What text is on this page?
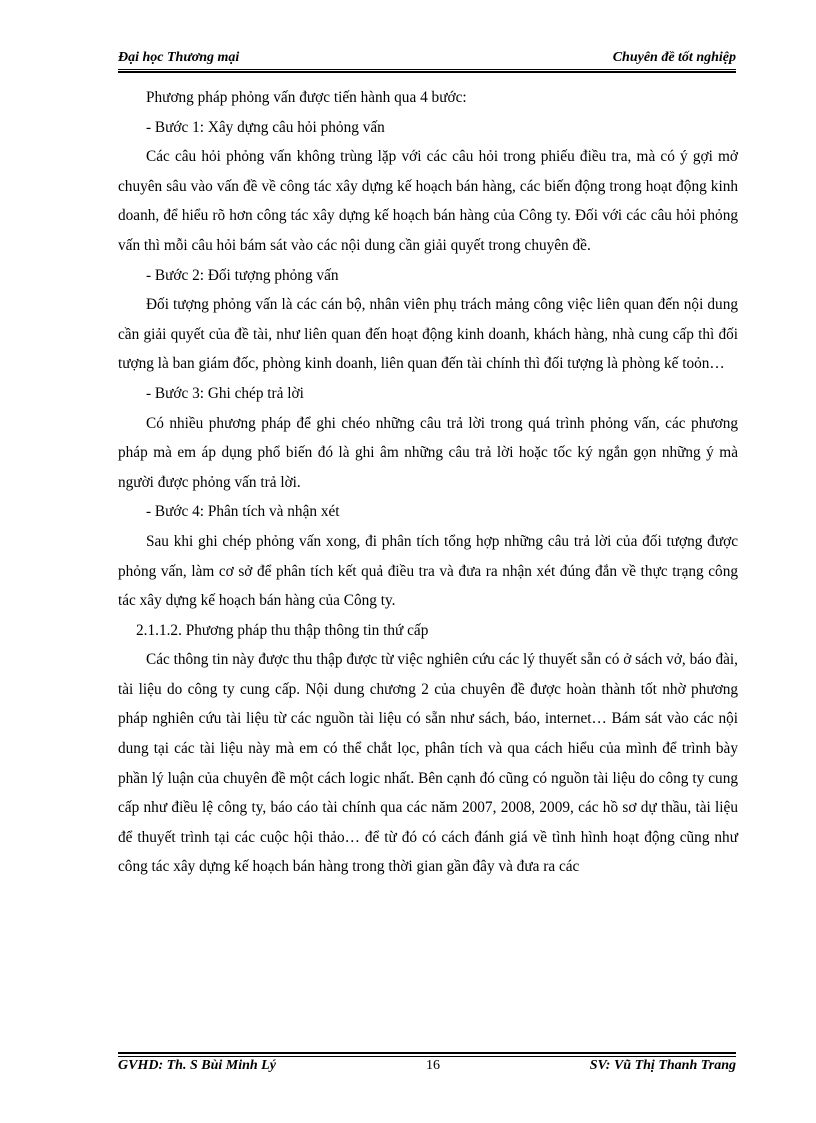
Đại học Thương mại	Chuyên đề tốt nghiệp

Phương pháp phỏng vấn được tiến hành qua 4 bước:

- Bước 1: Xây dựng câu hỏi phỏng vấn

Các câu hỏi phỏng vấn không trùng lặp với các câu hỏi trong phiếu điều tra, mà có ý gợi mở chuyên sâu vào vấn đề về công tác xây dựng kế hoạch bán hàng, các biến động trong hoạt động kinh doanh, để hiểu rõ hơn công tác xây dựng kế hoạch bán hàng của Công ty. Đối với các câu hỏi phỏng vấn thì mỗi câu hỏi bám sát vào các nội dung cần giải quyết trong chuyên đề.

- Bước 2: Đối tượng phỏng vấn

Đối tượng phỏng vấn là các cán bộ, nhân viên phụ trách mảng công việc liên quan đến nội dung cần giải quyết của đề tài, như liên quan đến hoạt động kinh doanh, khách hàng, nhà cung cấp thì đối tượng là ban giám đốc, phòng kinh doanh, liên quan đến tài chính thì đối tượng là phòng kế toỏn…

- Bước 3: Ghi chép trả lời

Có nhiều phương pháp để ghi chéo những câu trả lời trong quá trình phỏng vấn, các phương pháp mà em áp dụng phổ biến đó là ghi âm những câu trả lời hoặc tốc ký ngắn gọn những ý mà người được phỏng vấn trả lời.

- Bước 4: Phân tích và nhận xét

Sau khi ghi chép phỏng vấn xong, đi phân tích tổng hợp những câu trả lời của đối tượng được phỏng vấn, làm cơ sở để phân tích kết quả điều tra và đưa ra nhận xét đúng đắn về thực trạng công tác xây dựng kế hoạch bán hàng của Công ty.

2.1.1.2. Phương pháp thu thập thông tin thứ cấp

Các thông tin này được thu thập được từ việc nghiên cứu các lý thuyết sẵn có ở sách vở, báo đài, tài liệu do công ty cung cấp. Nội dung chương 2 của chuyên đề được hoàn thành tốt nhờ phương pháp nghiên cứu tài liệu từ các nguồn tài liệu có sẵn như sách, báo, internet… Bám sát vào các nội dung tại các tài liệu này mà em có thể chắt lọc, phân tích và qua cách hiểu của mình để trình bày phần lý luận của chuyên đề một cách logic nhất. Bên cạnh đó cũng có nguồn tài liệu do công ty cung cấp như điều lệ công ty, báo cáo tài chính qua các năm 2007, 2008, 2009, các hồ sơ dự thầu, tài liệu để thuyết trình tại các cuộc hội thảo… để từ đó có cách đánh giá về tình hình hoạt động cũng như công tác xây dựng kế hoạch bán hàng trong thời gian gần đây và đưa ra các

GVHD: Th. S Bùi Minh Lý	16	SV: Vũ Thị Thanh Trang
